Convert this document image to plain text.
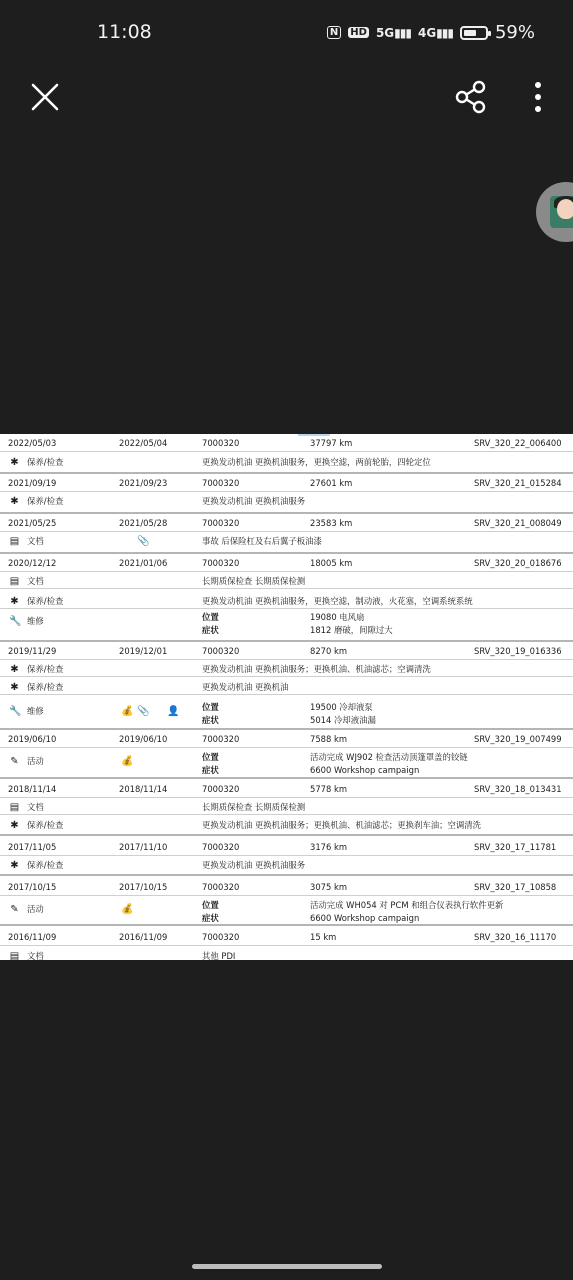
11:08	N	HD 5G▮▮▮ 4G▮▮▮ 59%
2022/05/03	2022/05/04	7000320	37797 km	SRV_320_22_006400
✱ 保养/检查	更换发动机油 更换机油服务，更换空滤，两前轮胎，四轮定位
2021/09/19	2021/09/23	7000320	27601 km	SRV_320_21_015284
✱ 保养/检查	更换发动机油 更换机油服务
2021/05/25	2021/05/28	7000320	23583 km	SRV_320_21_008049
▤ 文档	📎	事故 后保险杠及右后翼子板油漆
2020/12/12	2021/01/06	7000320	18005 km	SRV_320_20_018676
▤ 文档	长期质保检查 长期质保检测
✱ 保养/检查	更换发动机油 更换机油服务，更换空滤，制动液，火花塞，空调系统系统
🔧 维修	位置	19080 电风扇
症状	1812 磨破，间隙过大
2019/11/29	2019/12/01	7000320	8270 km	SRV_320_19_016336
✱ 保养/检查	更换发动机油 更换机油服务；更换机油、机油滤芯；空调清洗
✱ 保养/检查	更换发动机油 更换机油
🔧 维修	💰 📎 👤	位置	19500 冷却液泵
症状	5014 冷却液油漏
2019/06/10	2019/06/10	7000320	7588 km	SRV_320_19_007499
✎ 活动	💰	位置	活动完成 WJ902 检查活动顶篷罩盖的铰链
症状	6600 Workshop campaign
2018/11/14	2018/11/14	7000320	5778 km	SRV_320_18_013431
▤ 文档	长期质保检查 长期质保检测
✱ 保养/检查	更换发动机油 更换机油服务；更换机油、机油滤芯；更换刹车油；空调清洗
2017/11/05	2017/11/10	7000320	3176 km	SRV_320_17_11781
✱ 保养/检查	更换发动机油 更换机油服务
2017/10/15	2017/10/15	7000320	3075 km	SRV_320_17_10858
✎ 活动	💰	位置	活动完成 WH054 对 PCM 和组合仪表执行软件更新
症状	6600 Workshop campaign
2016/11/09	2016/11/09	7000320	15 km	SRV_320_16_11170
▤ 文档	其他 PDI
